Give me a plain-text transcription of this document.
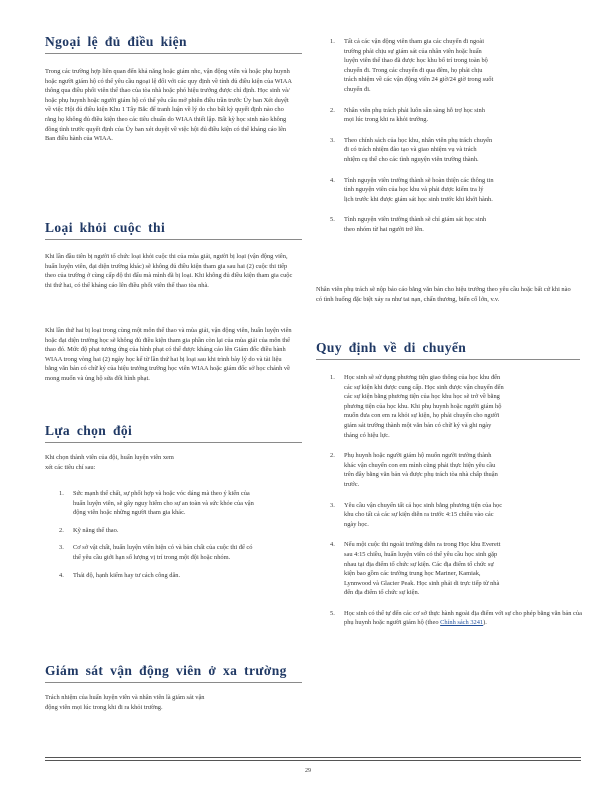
Ngoại lệ đủ điều kiện

Trong các trường hợp liên quan đến khả năng hoặc giám nhc, vận động viên và hoặc phụ huynh hoặc người giám hộ có thể yêu cầu ngoại lệ đối với các quy định về tính đủ điều kiện của WIAA thông qua điều phối viên thể thao của tòa nhà hoặc phó hiệu trưởng được chỉ định. Học sinh và/ hoặc phụ huynh hoặc người giám hộ có thể yêu cầu mở phiên điều trần trước Ủy ban Xét duyệt về việc Hội đủ điều kiện Khu 1 Tây Bắc để tranh luận về lý do cho bất kỳ quyết định nào cho rằng họ không đủ điều kiện theo các tiêu chuẩn do WIAA thiết lập. Bất kỳ học sinh nào không đồng tình trước quyết định của Ủy ban xét duyệt về việc hội đủ điều kiện có thể kháng cáo lên Ban điều hành của WIAA.

Loại khỏi cuộc thi

Khi lần đầu tiên bị người tổ chức loại khỏi cuộc thi của mùa giải, người bị loại (vận động viên, huấn luyện viên, đại diện trường khác) sẽ không đủ điều kiện tham gia sau hai (2) cuộc thi tiếp theo của trường ở cùng cấp độ thi đấu mà mình đã bị loại. Khi không đủ điều kiện tham gia cuộc thi thứ hai, có thể kháng cáo lên điều phối viên thể thao tòa nhà.

Khi lần thứ hai bị loại trong cùng một môn thể thao và mùa giải, vận động viên, huấn luyện viên hoặc đại diện trường học sẽ không đủ điều kiện tham gia phần còn lại của mùa giải của môn thể thao đó. Mức độ phạt tương ứng của hình phạt có thể được kháng cáo lên Giám đốc điều hành WIAA trong vòng hai (2) ngày học kể từ lần thứ hai bị loại sau khi trình bày lý do và tài liệu bằng văn bản có chữ ký của hiệu trưởng trường học viên WIAA hoặc giám đốc sở học chánh về mong muốn và ủng hộ sửa đổi hình phạt.

Lựa chọn đội

Khi chọn thành viên của đội, huấn luyện viên xem xét các tiêu chí sau:

1. Sức mạnh thể chất, sự phối hợp và hoặc vóc dáng mà theo ý kiến của huấn luyện viên, sẽ gây nguy hiểm cho sự an toàn và sức khỏe của vận động viên hoặc những người tham gia khác.
2. Kỹ năng thể thao.
3. Cơ sở vật chất, huấn luyện viên hiện có và bản chất của cuộc thi để có thể yêu cầu giới hạn số lượng vị trí trong một đội hoặc nhóm.
4. Thái độ, hạnh kiểm hay tư cách công dân.
Giám sát vận động viên ở xa trường

Trách nhiệm của huấn luyện viên và nhân viên là giám sát vận động viên mọi lúc trong khi đi ra khỏi trường.

1. Tất cả các vận động viên tham gia các chuyến đi ngoài trường phải chịu sự giám sát của nhân viên hoặc huấn luyện viên thể thao đã được học khu bổ trí trong toàn bộ chuyến đi. Trong các chuyến đi qua đêm, họ phải chịu trách nhiệm về các vận động viên 24 giờ/24 giờ trong suốt chuyến đi.
2. Nhân viên phụ trách phải luôn sẵn sàng hỗ trợ học sinh mọi lúc trong khi ra khỏi trường.
3. Theo chính sách của học khu, nhân viên phụ trách chuyến đi có trách nhiệm đào tạo và giao nhiệm vụ và trách nhiệm cụ thể cho các tình nguyện viên trường thành.
4. Tình nguyện viên trường thành sẽ hoàn thiện các thông tin tình nguyện viên của học khu và phải được kiểm tra lý lịch trước khi được giám sát học sinh trước khi khởi hành.
5. Tình nguyện viên trường thành sẽ chỉ giám sát học sinh theo nhóm từ hai người trở lên.

Nhân viên phụ trách sẽ nộp báo cáo bằng văn bản cho hiệu trưởng theo yêu cầu hoặc bất cứ khi nào có tình huống đặc biệt xảy ra như tai nạn, chấn thương, biến cố lớn, v.v.

Quy định về di chuyển
1. Học sinh sẽ sử dụng phương tiện giao thông của học khu đến các sự kiện khi được cung cấp. Học sinh được vận chuyển đến các sự kiện bằng phương tiện của học khu học sẽ trở về bằng phương tiện của học khu. Khi phụ huynh hoặc người giám hộ muốn đưa con em ra khỏi sự kiện, họ phải chuyển cho người giám sát trường thành một văn bản có chữ ký và ghi ngày tháng có hiệu lực.
2. Phụ huynh hoặc người giám hộ muốn người trường thành khác vận chuyển con em mình cũng phải thực hiện yêu cầu trên đây bằng văn bản và được phụ trách tòa nhà chấp thuận trước.
3. Yêu cầu vận chuyển tất cả học sinh bằng phương tiện của học khu cho tất cả các sự kiện diễn ra trước 4:15 chiều vào các ngày học.
4. Nếu một cuộc thi ngoài trường diễn ra trong Học khu Everett sau 4:15 chiều, huấn luyện viên có thể yêu cầu học sinh gặp nhau tại địa điểm tổ chức sự kiện. Các địa điểm tổ chức sự kiện bao gồm các trường trung học Mariner, Kamiak, Lynnwood và Glacier Peak. Học sinh phải di trực tiếp từ nhà đến địa điểm tổ chức sự kiện.
5. Học sinh có thể tự đến các cơ sở thực hành ngoài địa điểm với sự cho phép bằng văn bản của phụ huynh hoặc người giám hộ (theo Chính sách 3241).
29
